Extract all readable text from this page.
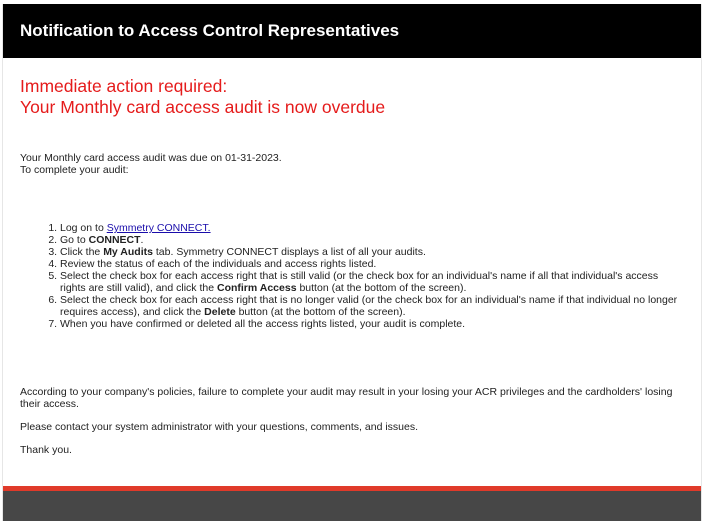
Notification to Access Control Representatives
Immediate action required:
Your Monthly card access audit is now overdue
Your Monthly card access audit was due on 01-31-2023.
To complete your audit:
1. Log on to Symmetry CONNECT.
2. Go to CONNECT.
3. Click the My Audits tab. Symmetry CONNECT displays a list of all your audits.
4. Review the status of each of the individuals and access rights listed.
5. Select the check box for each access right that is still valid (or the check box for an individual's name if all that individual's access rights are still valid), and click the Confirm Access button (at the bottom of the screen).
6. Select the check box for each access right that is no longer valid (or the check box for an individual's name if that individual no longer requires access), and click the Delete button (at the bottom of the screen).
7. When you have confirmed or deleted all the access rights listed, your audit is complete.

According to your company's policies, failure to complete your audit may result in your losing your ACR privileges and the cardholders' losing their access.

Please contact your system administrator with your questions, comments, and issues.

Thank you.
